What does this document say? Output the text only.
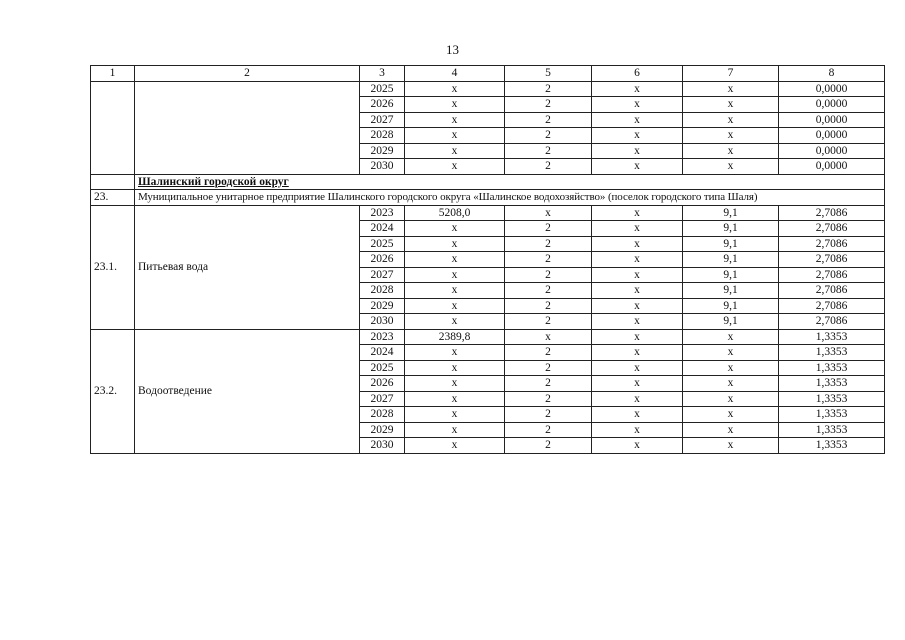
13
1	2	3	4	5	6	7	8
		2025	x	2	x	x	0,0000
		2026	x	2	x	x	0,0000
		2027	x	2	x	x	0,0000
		2028	x	2	x	x	0,0000
		2029	x	2	x	x	0,0000
		2030	x	2	x	x	0,0000
	Шалинский городской округ						
23.	Муниципальное унитарное предприятие Шалинского городского округа «Шалинское водохозяйство» (поселок городского типа Шаля)						
23.1.	Питьевая вода	2023	5208,0	x	x	9,1	2,7086
		2024	x	2	x	9,1	2,7086
		2025	x	2	x	9,1	2,7086
		2026	x	2	x	9,1	2,7086
		2027	x	2	x	9,1	2,7086
		2028	x	2	x	9,1	2,7086
		2029	x	2	x	9,1	2,7086
		2030	x	2	x	9,1	2,7086
23.2.	Водоотведение	2023	2389,8	x	x	x	1,3353
		2024	x	2	x	x	1,3353
		2025	x	2	x	x	1,3353
		2026	x	2	x	x	1,3353
		2027	x	2	x	x	1,3353
		2028	x	2	x	x	1,3353
		2029	x	2	x	x	1,3353
		2030	x	2	x	x	1,3353
